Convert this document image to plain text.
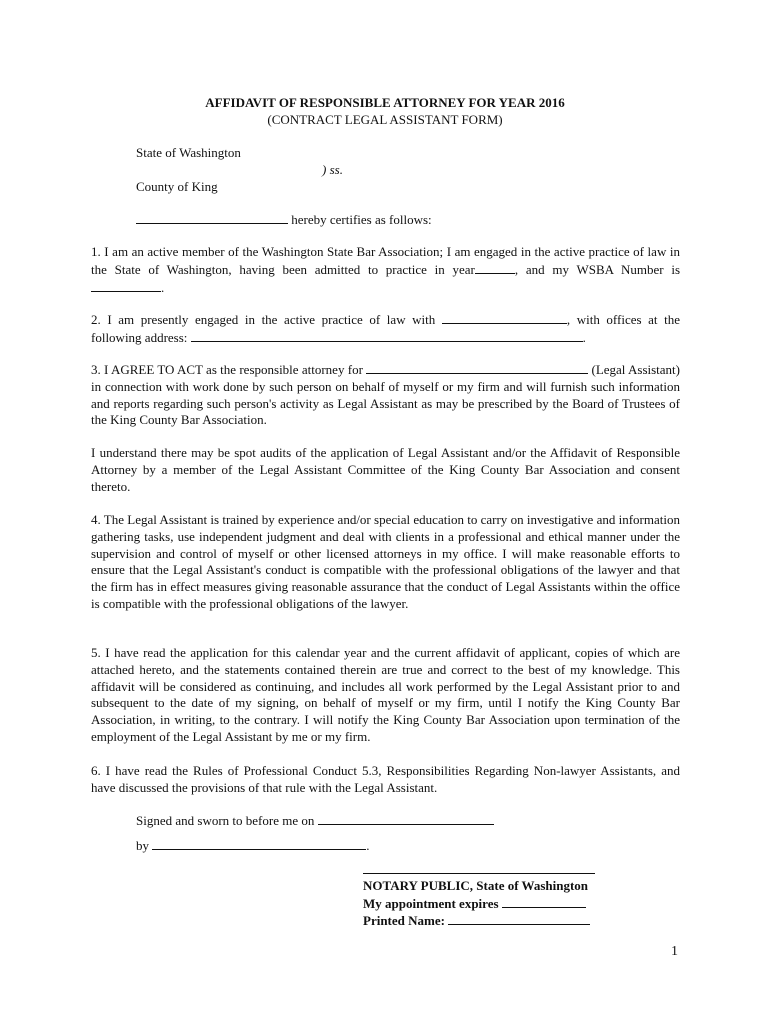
AFFIDAVIT OF RESPONSIBLE ATTORNEY FOR YEAR 2016
(CONTRACT LEGAL ASSISTANT FORM)
State of Washington
) ss.
County of King
hereby certifies as follows:

1. I am an active member of the Washington State Bar Association; I am engaged in the active practice of law in the State of Washington, having been admitted to practice in year	, and my WSBA Number is .

2. I am presently engaged in the active practice of law with	, with offices at the following address:	.

3. I AGREE TO ACT as the responsible attorney for	(Legal Assistant) in connection with work done by such person on behalf of myself or my firm and will furnish such information and reports regarding such person's activity as Legal Assistant as may be prescribed by the Board of Trustees of the King County Bar Association.

I understand there may be spot audits of the application of Legal Assistant and/or the Affidavit of Responsible Attorney by a member of the Legal Assistant Committee of the King County Bar Association and consent thereto.
4. The Legal Assistant is trained by experience and/or special education to carry on investigative and information gathering tasks, use independent judgment and deal with clients in a professional and ethical manner under the supervision and control of myself or other licensed attorneys in my office. I will make reasonable efforts to ensure that the Legal Assistant's conduct is compatible with the professional obligations of the lawyer and that the firm has in effect measures giving reasonable assurance that the conduct of Legal Assistants within the office is compatible with the professional obligations of the lawyer.
5. I have read the application for this calendar year and the current affidavit of applicant, copies of which are attached hereto, and the statements contained therein are true and correct to the best of my knowledge. This affidavit will be considered as continuing, and includes all work performed by the Legal Assistant prior to and subsequent to the date of my signing, on behalf of myself or my firm, until I notify the King County Bar Association, in writing, to the contrary. I will notify the King County Bar Association upon termination of the employment of the Legal Assistant by me or my firm.
6. I have read the Rules of Professional Conduct 5.3, Responsibilities Regarding Non-lawyer Assistants, and have discussed the provisions of that rule with the Legal Assistant.
Signed and sworn to before me on
by	.
NOTARY PUBLIC, State of Washington
My appointment expires
Printed Name:
1
